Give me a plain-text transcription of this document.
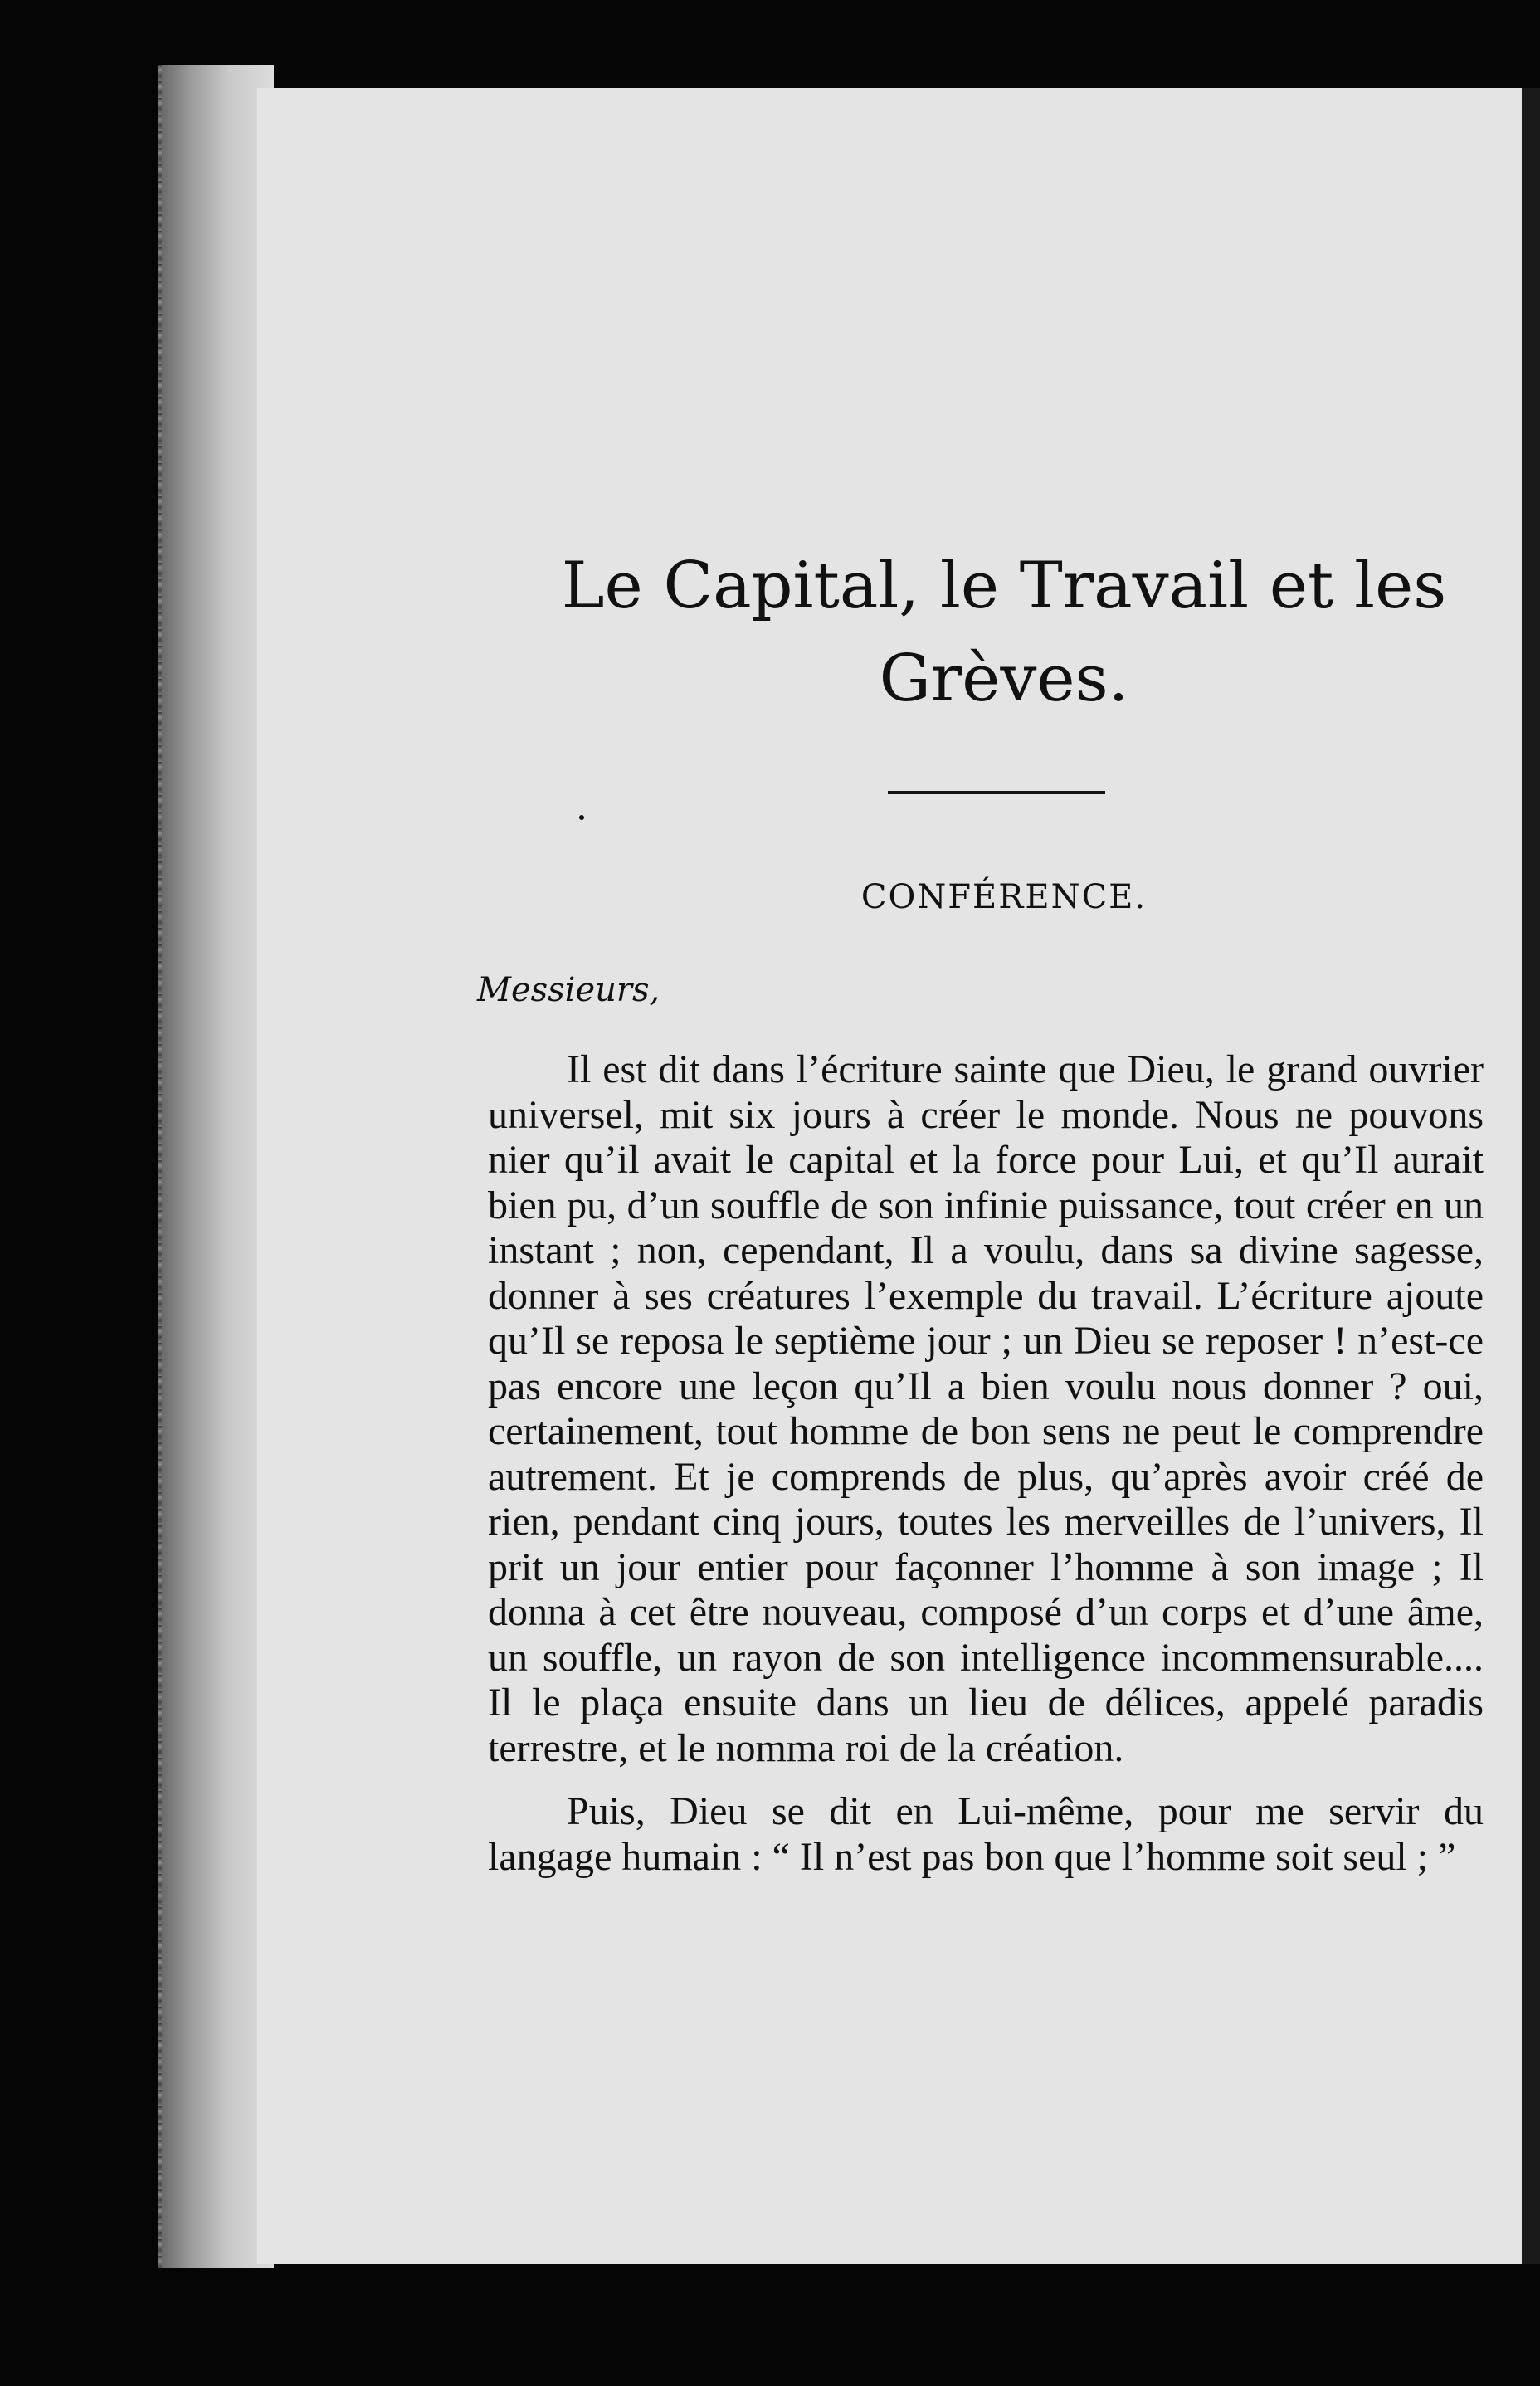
Le Capital, le Travail et les Grèves.
CONFÉRENCE.
Messieurs,

Il est dit dans l’écriture sainte que Dieu, le grand ouvrier universel, mit six jours à créer le monde. Nous ne pouvons nier qu’il avait le capital et la force pour Lui, et qu’Il aurait bien pu, d’un souffle de son infinie puissance, tout créer en un instant ; non, cependant, Il a voulu, dans sa divine sagesse, donner à ses créatures l’exemple du travail. L’écriture ajoute qu’Il se reposa le septième jour ; un Dieu se reposer ! n’est-ce pas encore une leçon qu’Il a bien voulu nous donner ? oui, certainement, tout homme de bon sens ne peut le comprendre autrement. Et je comprends de plus, qu’après avoir créé de rien, pendant cinq jours, toutes les merveilles de l’univers, Il prit un jour entier pour façonner l’homme à son image ; Il donna à cet être nouveau, composé d’un corps et d’une âme, un souffle, un rayon de son intelligence incommensurable.... Il le plaça ensuite dans un lieu de délices, appelé paradis terrestre, et le nomma roi de la création.

Puis, Dieu se dit en Lui-même, pour me servir du langage humain : “ Il n’est pas bon que l’homme soit seul ; ”
